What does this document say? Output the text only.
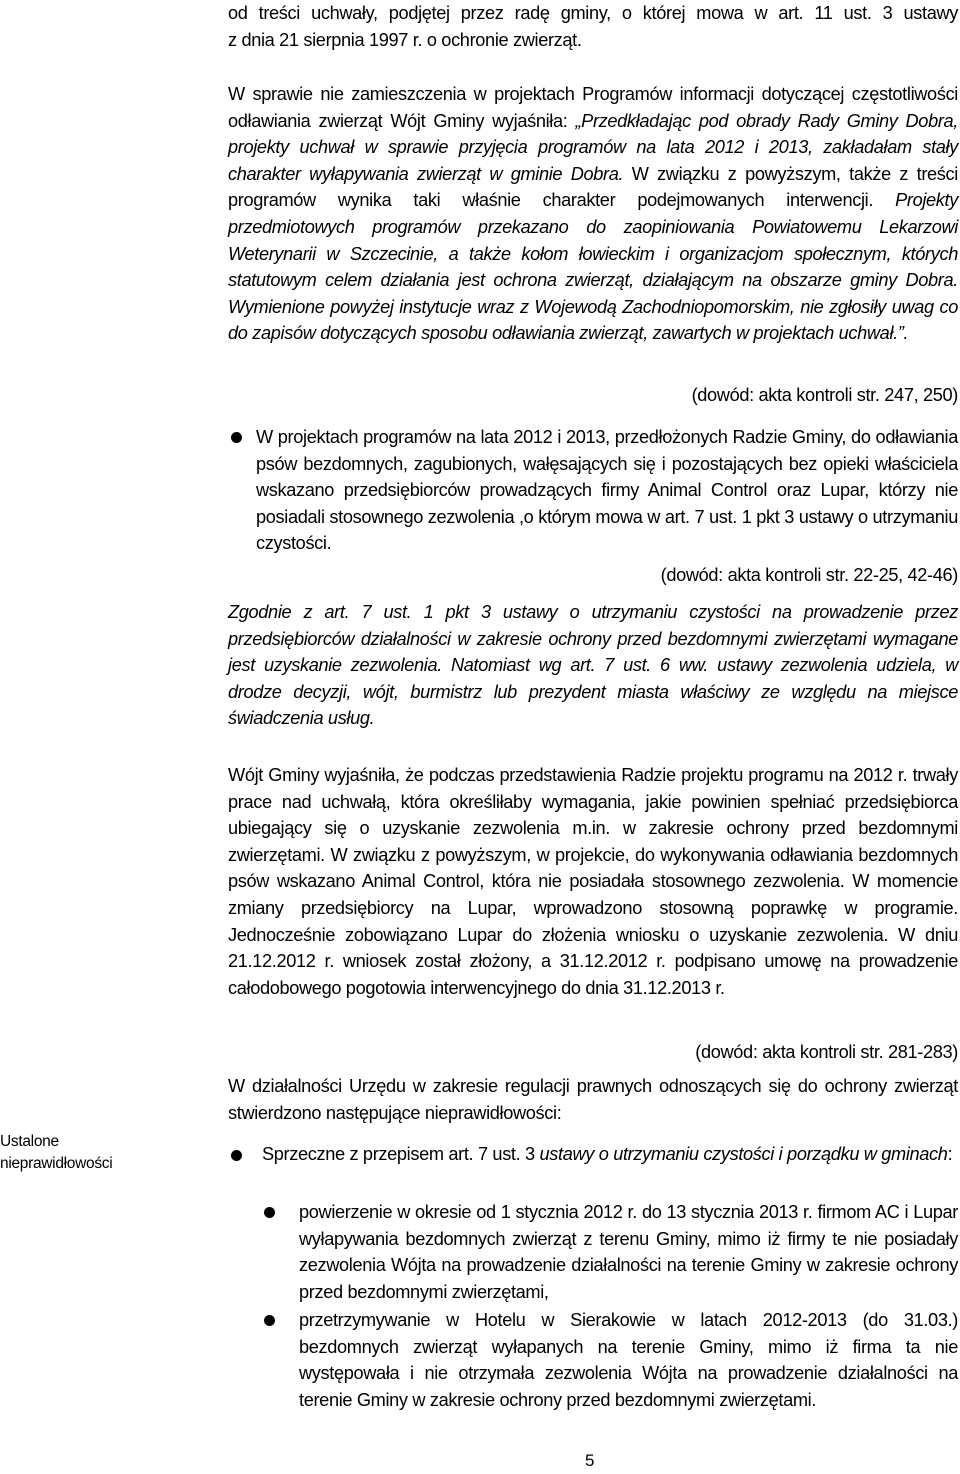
od treści uchwały, podjętej przez radę gminy, o której mowa w art. 11 ust. 3 ustawy
z dnia 21 sierpnia 1997 r. o ochronie zwierząt.
W sprawie nie zamieszczenia w projektach Programów informacji dotyczącej częstotliwości odławiania zwierząt Wójt Gminy wyjaśniła: „Przedkładając pod obrady Rady Gminy Dobra, projekty uchwał w sprawie przyjęcia programów na lata 2012 i 2013, zakładałam stały charakter wyłapywania zwierząt w gminie Dobra. W związku z powyższym, także z treści programów wynika taki właśnie charakter podejmowanych interwencji. Projekty przedmiotowych programów przekazano do zaopiniowania Powiatowemu Lekarzowi Weterynarii w Szczecinie, a także kołom łowieckim i organizacjom społecznym, których statutowym celem działania jest ochrona zwierząt, działającym na obszarze gminy Dobra. Wymienione powyżej instytucje wraz z Wojewodą Zachodniopomorskim, nie zgłosiły uwag co do zapisów dotyczących sposobu odławiania zwierząt, zawartych w projektach uchwał.”.
(dowód: akta kontroli str. 247, 250)
W projektach programów na lata 2012 i 2013, przedłożonych Radzie Gminy, do odławiania psów bezdomnych, zagubionych, wałęsających się i pozostających bez opieki właściciela wskazano przedsiębiorców prowadzących firmy Animal Control oraz Lupar, którzy nie posiadali stosownego zezwolenia ,o którym mowa w art. 7 ust. 1 pkt 3 ustawy o utrzymaniu czystości.
(dowód: akta kontroli str. 22-25, 42-46)
Zgodnie z art. 7 ust. 1 pkt 3 ustawy o utrzymaniu czystości na prowadzenie przez przedsiębiorców działalności w zakresie ochrony przed bezdomnymi zwierzętami wymagane jest uzyskanie zezwolenia. Natomiast wg art. 7 ust. 6 ww. ustawy zezwolenia udziela, w drodze decyzji, wójt, burmistrz lub prezydent miasta właściwy ze względu na miejsce świadczenia usług.
Wójt Gminy wyjaśniła, że podczas przedstawienia Radzie projektu programu na 2012 r. trwały prace nad uchwałą, która określiłaby wymagania, jakie powinien spełniać przedsiębiorca ubiegający się o uzyskanie zezwolenia m.in. w zakresie ochrony przed bezdomnymi zwierzętami. W związku z powyższym, w projekcie, do wykonywania odławiania bezdomnych psów wskazano Animal Control, która nie posiadała stosownego zezwolenia. W momencie zmiany przedsiębiorcy na Lupar, wprowadzono stosowną poprawkę w programie. Jednocześnie zobowiązano Lupar do złożenia wniosku o uzyskanie zezwolenia. W dniu 21.12.2012 r. wniosek został złożony, a 31.12.2012 r. podpisano umowę na prowadzenie całodobowego pogotowia interwencyjnego do dnia 31.12.2013 r.
(dowód: akta kontroli str. 281-283)
Ustalone
nieprawidłowości
W działalności Urzędu w zakresie regulacji prawnych odnoszących się do ochrony zwierząt stwierdzono następujące nieprawidłowości:
Sprzeczne z przepisem art. 7 ust. 3 ustawy o utrzymaniu czystości i porządku w gminach:
powierzenie w okresie od 1 stycznia 2012 r. do 13 stycznia 2013 r. firmom AC i Lupar wyłapywania bezdomnych zwierząt z terenu Gminy, mimo iż firmy te nie posiadały zezwolenia Wójta na prowadzenie działalności na terenie Gminy w zakresie ochrony przed bezdomnymi zwierzętami,
przetrzymywanie w Hotelu w Sierakowie w latach 2012-2013 (do 31.03.) bezdomnych zwierząt wyłapanych na terenie Gminy, mimo iż firma ta nie występowała i nie otrzymała zezwolenia Wójta na prowadzenie działalności na terenie Gminy w zakresie ochrony przed bezdomnymi zwierzętami.
5
